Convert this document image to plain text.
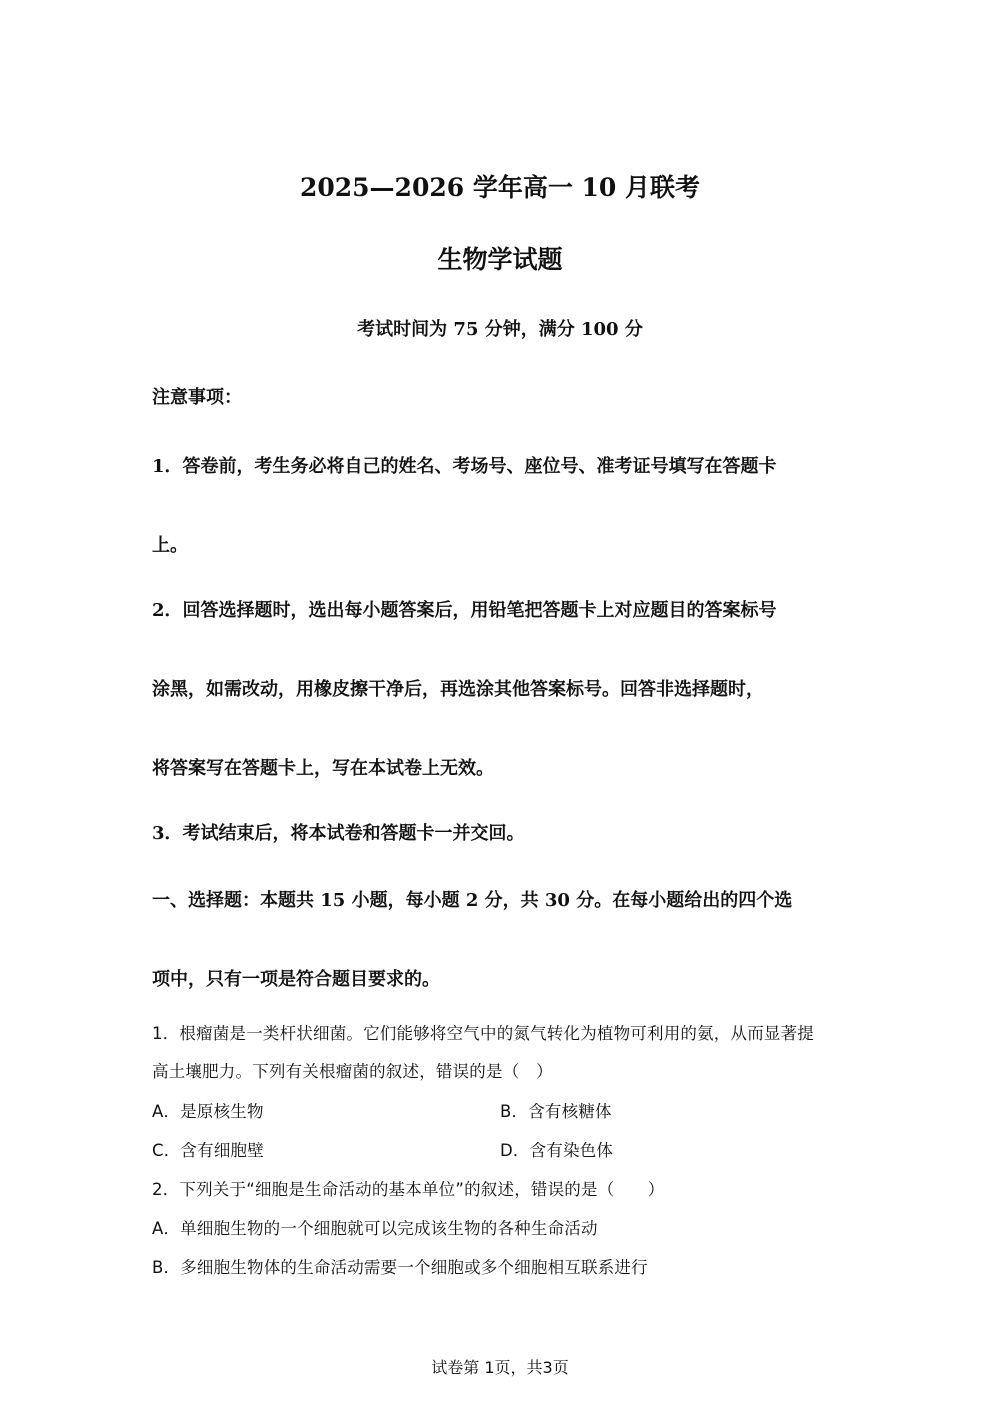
2025—2026 学年高一 10 月联考
生物学试题
考试时间为 75 分钟，满分 100 分
注意事项：
1．答卷前，考生务必将自己的姓名、考场号、座位号、准考证号填写在答题卡
上。
2．回答选择题时，选出每小题答案后，用铅笔把答题卡上对应题目的答案标号
涂黑，如需改动，用橡皮擦干净后，再选涂其他答案标号。回答非选择题时，
将答案写在答题卡上，写在本试卷上无效。
3．考试结束后，将本试卷和答题卡一并交回。
一、选择题：本题共 15 小题，每小题 2 分，共 30 分。在每小题给出的四个选
项中，只有一项是符合题目要求的。
1．根瘤菌是一类杆状细菌。它们能够将空气中的氮气转化为植物可利用的氨，从而显著提
高土壤肥力。下列有关根瘤菌的叙述，错误的是（　）
A．是原核生物	B．含有核糖体
C．含有细胞壁	D．含有染色体
2．下列关于“细胞是生命活动的基本单位”的叙述，错误的是（　　）
A．单细胞生物的一个细胞就可以完成该生物的各种生命活动
B．多细胞生物体的生命活动需要一个细胞或多个细胞相互联系进行
试卷第 1页，共3页
